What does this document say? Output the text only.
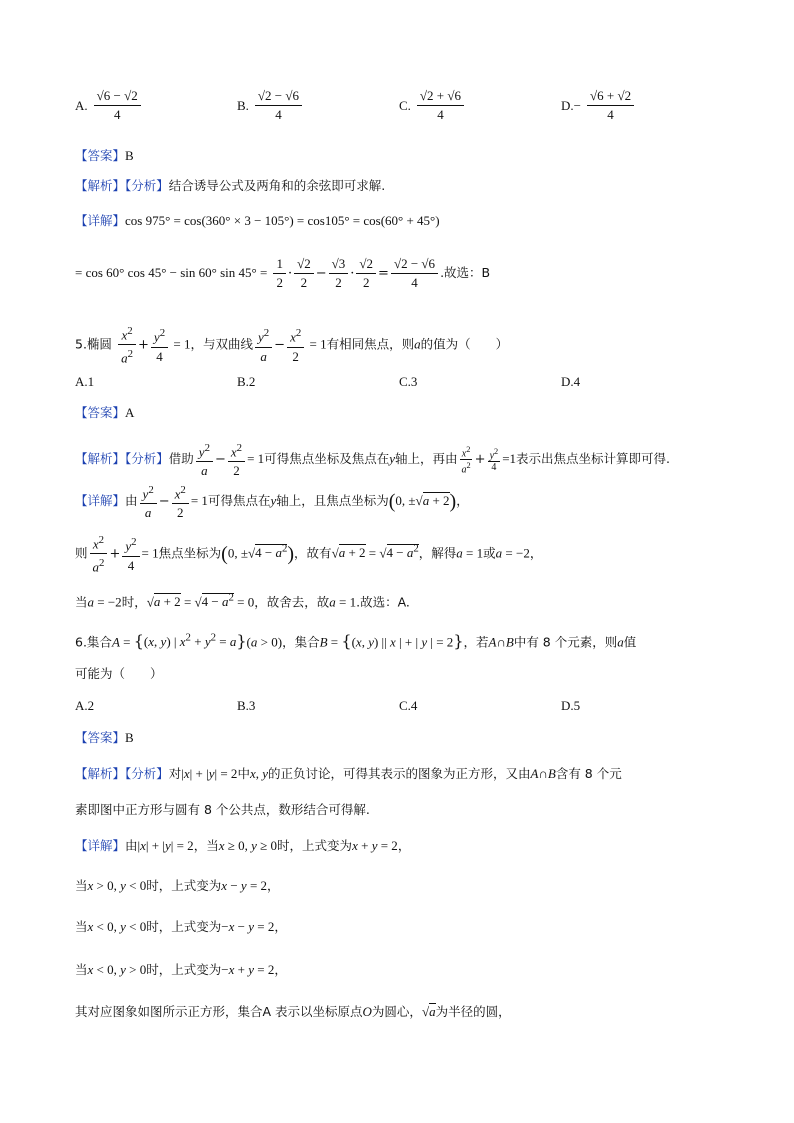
A. $\frac{√6 - √2}{4}$	B. $\frac{√2 - √6}{4}$	C. $\frac{√2 + √6}{4}$	$D.- \frac{√6 + √2}{4}$
【答案】B
【解析】【分析】结合诱导公式及两角和的余弦即可求解.
【详解】cos 975° = cos(360° × 3 − 105°) = cos105° = cos(60° + 45°)
= cos 60° cos 45° − sin 60° $\sin 45^\circ = \frac{1}{2} \cdot \frac{√2}{2} - \frac{√3}{2} \cdot \frac{√2}{2} = \frac{√2 - √6}{4}$ .故选：B
5.椭圆 $\frac{x^2}{a^2} + \frac{y^2}{4} = 1$，与双曲线 $\frac{y^2}{a} - \frac{x^2}{2} = 1$有相同焦点，则a的值为（　　）
A.1	B.2	C.3	D.4
【答案】A
【解析】【分析】借助 $\frac{y^2}{a} - \frac{x^2}{2} = 1$可得焦点坐标及焦点在y轴上，再由 $\frac{x^2}{a^2} + \frac{y^2}{4} =1$表示出焦点坐标计算即可得.
【详解】由 $\frac{y^2}{a} - \frac{x^2}{2} = 1$可得焦点在y轴上，且焦点坐标为(0, ±√a + 2)，
则 $\frac{x^2}{a^2} + \frac{y^2}{4} = 1$焦点坐标为(0, $\pm√4 - a^2$)，故有$√a + 2 = √4 - a^2$，解得a = 1或a = −2，
当a = −2时，$√a + 2 = √4 - a^2 = 0$，故舍去，故a = 1.故选：A.
6.集合A = {(x, y) | $x^2 + y^2 = a\}(a > 0)$，集合B = {(x, y) || x | + | y | = 2}，若A∩B中有 8 个元素，则a值
可能为（　　）
A.2	B.3	C.4	D.5
【答案】B
【解析】【分析】对|x| + |y| = 2中x, y的正负讨论，可得其表示的图象为正方形，又由A∩B含有 8 个元
素即图中正方形与圆有 8 个公共点，数形结合可得解.
【详解】由|x| + |y| = 2，当x ≥ 0, y ≥ 0时，上式变为x + y = 2，
当x > 0, y < 0时，上式变为x − y = 2，
当x < 0, y < 0时，上式变为−x − y = 2，
当x < 0, y > 0时，上式变为−x + y = 2，
其对应图象如图所示正方形，集合A 表示以坐标原点O为圆心，√a为半径的圆，
